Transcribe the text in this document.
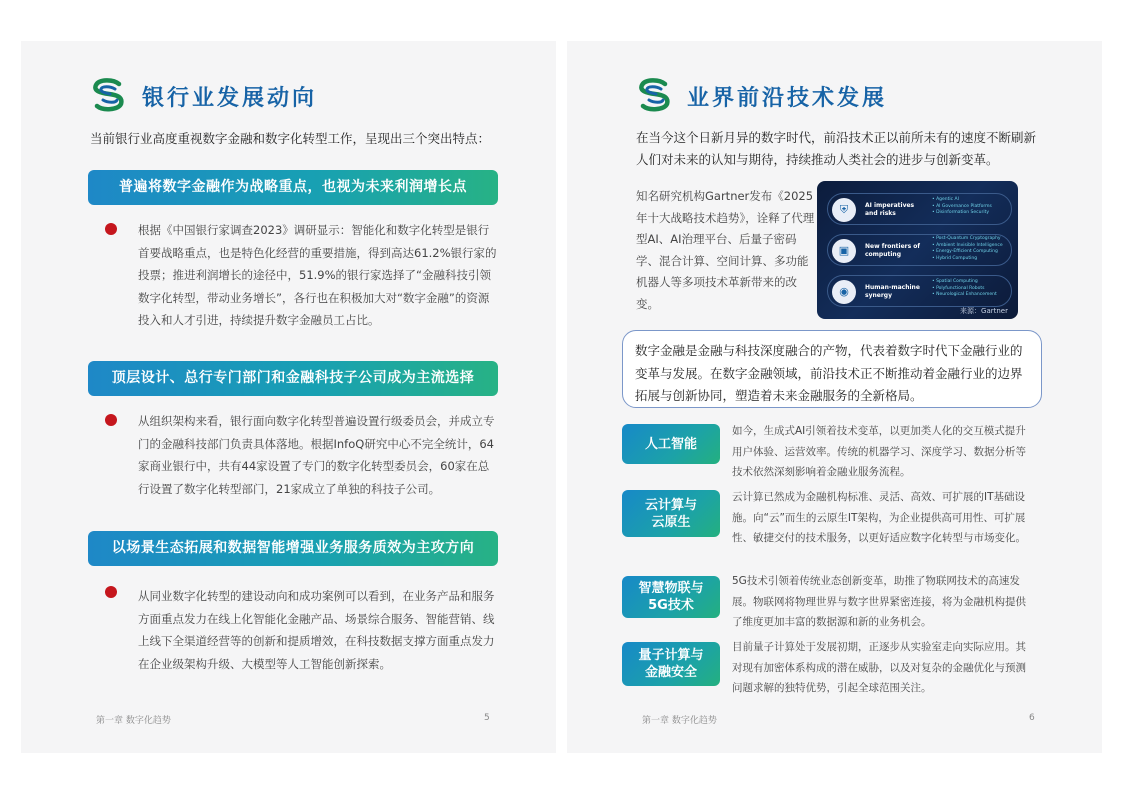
银行业发展动向
当前银行业高度重视数字金融和数字化转型工作，呈现出三个突出特点：
普遍将数字金融作为战略重点，也视为未来利润增长点
根据《中国银行家调查2023》调研显示：智能化和数字化转型是银行首要战略重点，也是特色化经营的重要措施，得到高达61.2%银行家的投票；推进利润增长的途径中，51.9%的银行家选择了“金融科技引领数字化转型，带动业务增长”，各行也在积极加大对“数字金融”的资源投入和人才引进，持续提升数字金融员工占比。
顶层设计、总行专门部门和金融科技子公司成为主流选择
从组织架构来看，银行面向数字化转型普遍设置行级委员会，并成立专门的金融科技部门负责具体落地。根据InfoQ研究中心不完全统计，64家商业银行中，共有44家设置了专门的数字化转型委员会，60家在总行设置了数字化转型部门，21家成立了单独的科技子公司。
以场景生态拓展和数据智能增强业务服务质效为主攻方向
从同业数字化转型的建设动向和成功案例可以看到，在业务产品和服务方面重点发力在线上化智能化金融产品、场景综合服务、智能营销、线上线下全渠道经营等的创新和提质增效，在科技数据支撑方面重点发力在企业级架构升级、大模型等人工智能创新探索。
第一章 数字化趋势	5
业界前沿技术发展
在当今这个日新月异的数字时代，前沿技术正以前所未有的速度不断刷新人们对未来的认知与期待，持续推动人类社会的进步与创新变革。
知名研究机构Gartner发布《2025年十大战略技术趋势》，诠释了代理型AI、AI治理平台、后量子密码学、混合计算、空间计算、多功能机器人等多项技术革新带来的改变。
⛨	AI imperatives and risks
• Agentic AI
• AI Governance Platforms
• Disinformation Security
▣	New frontiers of computing
• Post-Quantum Cryptography
• Ambient Invisible Intelligence
• Energy-Efficient Computing
• Hybrid Computing
◉	Human-machine synergy
• Spatial Computing
• Polyfunctional Robots
• Neurological Enhancement
来源：Gartner
数字金融是金融与科技深度融合的产物，代表着数字时代下金融行业的变革与发展。在数字金融领域，前沿技术正不断推动着金融行业的边界拓展与创新协同，塑造着未来金融服务的全新格局。
人工智能
如今，生成式AI引领着技术变革，以更加类人化的交互模式提升用户体验、运营效率。传统的机器学习、深度学习、数据分析等技术依然深刻影响着金融业服务流程。
云计算与
云原生
云计算已然成为金融机构标准、灵活、高效、可扩展的IT基础设施。向“云”而生的云原生IT架构，为企业提供高可用性、可扩展性、敏捷交付的技术服务，以更好适应数字化转型与市场变化。
智慧物联与
5G技术
5G技术引领着传统业态创新变革，助推了物联网技术的高速发展。物联网将物理世界与数字世界紧密连接，将为金融机构提供了维度更加丰富的数据源和新的业务机会。
量子计算与
金融安全
目前量子计算处于发展初期，正逐步从实验室走向实际应用。其对现有加密体系构成的潜在威胁，以及对复杂的金融优化与预测问题求解的独特优势，引起全球范围关注。
第一章 数字化趋势	6
